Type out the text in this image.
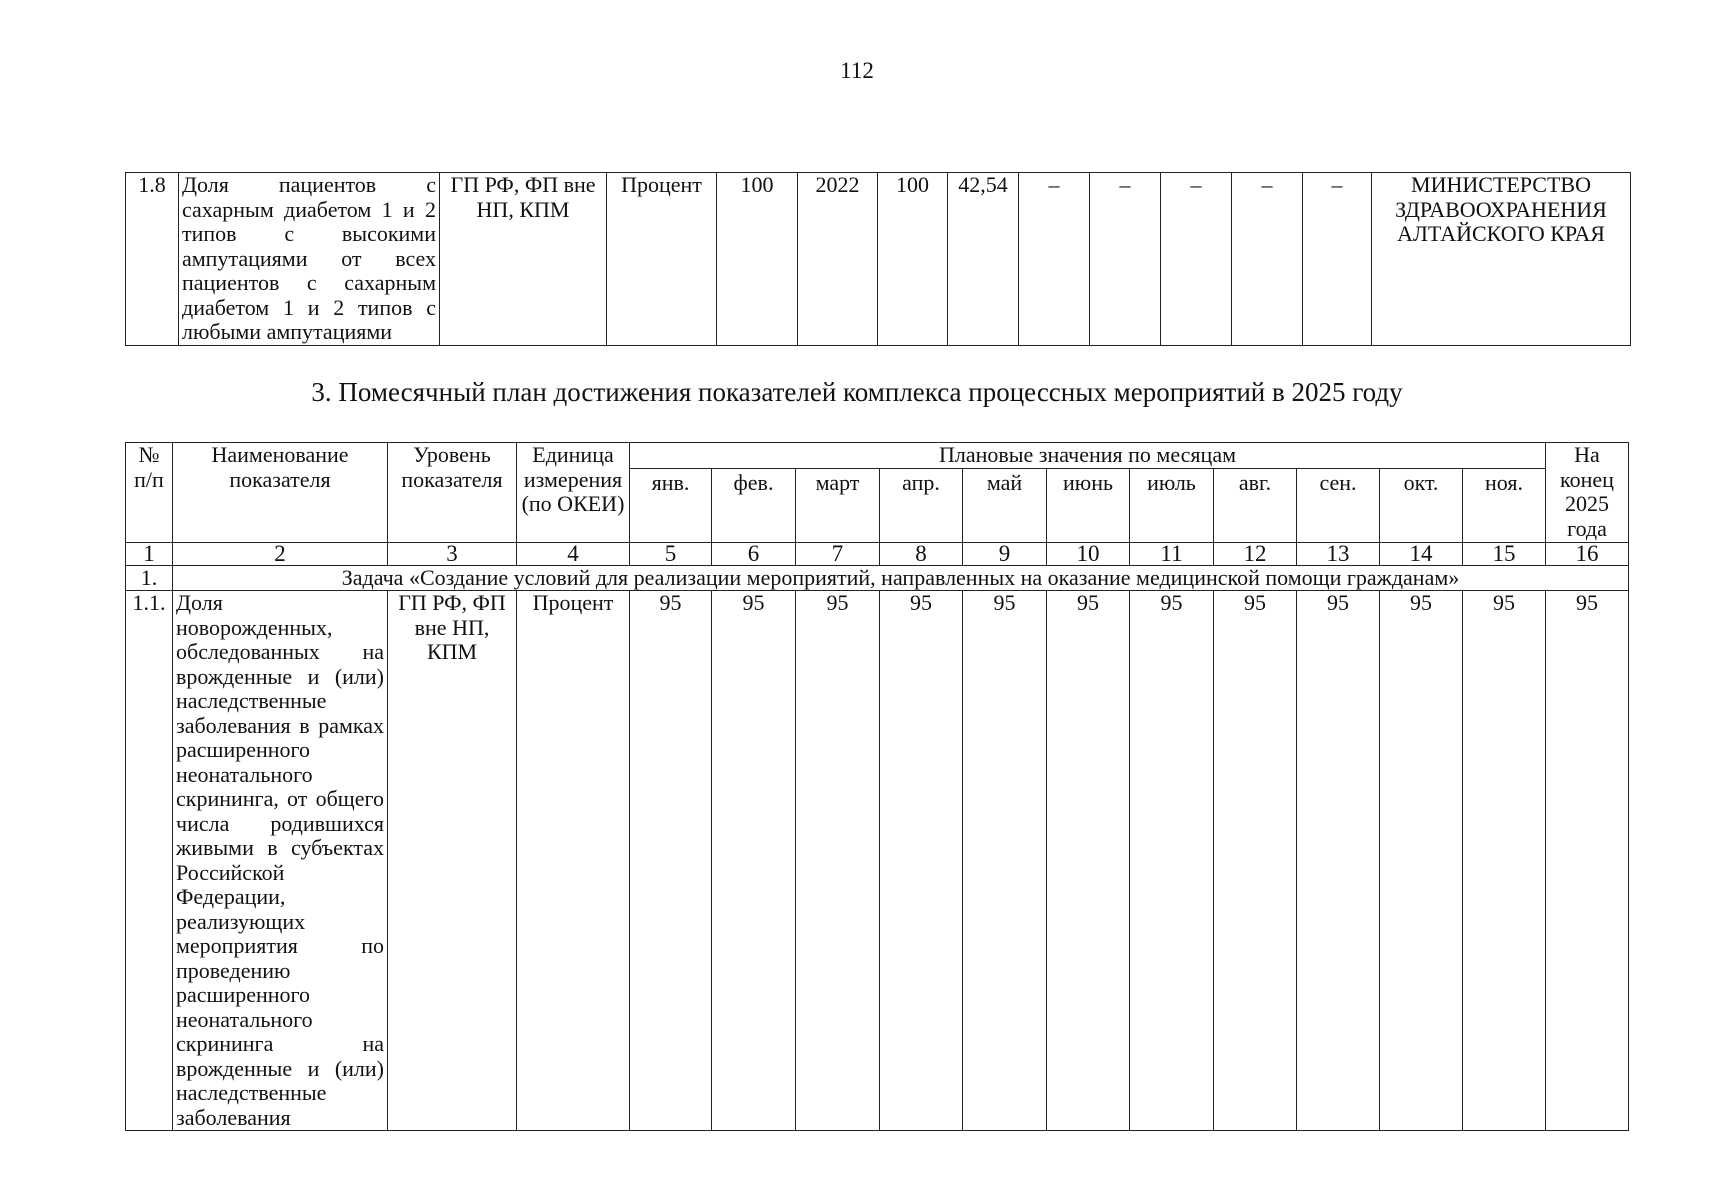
112
1.8	Доля пациентов с сахарным диабетом 1 и 2 типов с высокими ампутациями от всех пациентов с сахарным диабетом 1 и 2 типов с любыми ампутациями	ГП РФ, ФП вне НП, КПМ	Процент	100	2022	100	42,54	–	–	–	–	–	МИНИСТЕРСТВО ЗДРАВООХРАНЕНИЯ АЛТАЙСКОГО КРАЯ
3. Помесячный план достижения показателей комплекса процессных мероприятий в 2025 году
№ п/п	Наименование показателя	Уровень показателя	Единица измерения (по ОКЕИ)	Плановые значения по месяцам											На конец 2025 года
				янв.	фев.	март	апр.	май	июнь	июль	авг.	сен.	окт.	ноя.	
1	2	3	4	5	6	7	8	9	10	11	12	13	14	15	16
1.	Задача «Создание условий для реализации мероприятий, направленных на оказание медицинской помощи гражданам»														
1.1.	Доля новорожденных, обследованных на врожденные и (или) наследственные заболевания в рамках расширенного неонатального скрининга, от общего числа родившихся живыми в субъектах Российской Федерации, реализующих мероприятия по проведению расширенного неонатального скрининга на врожденные и (или) наследственные заболевания	ГП РФ, ФП вне НП, КПМ	Процент	95	95	95	95	95	95	95	95	95	95	95	95
